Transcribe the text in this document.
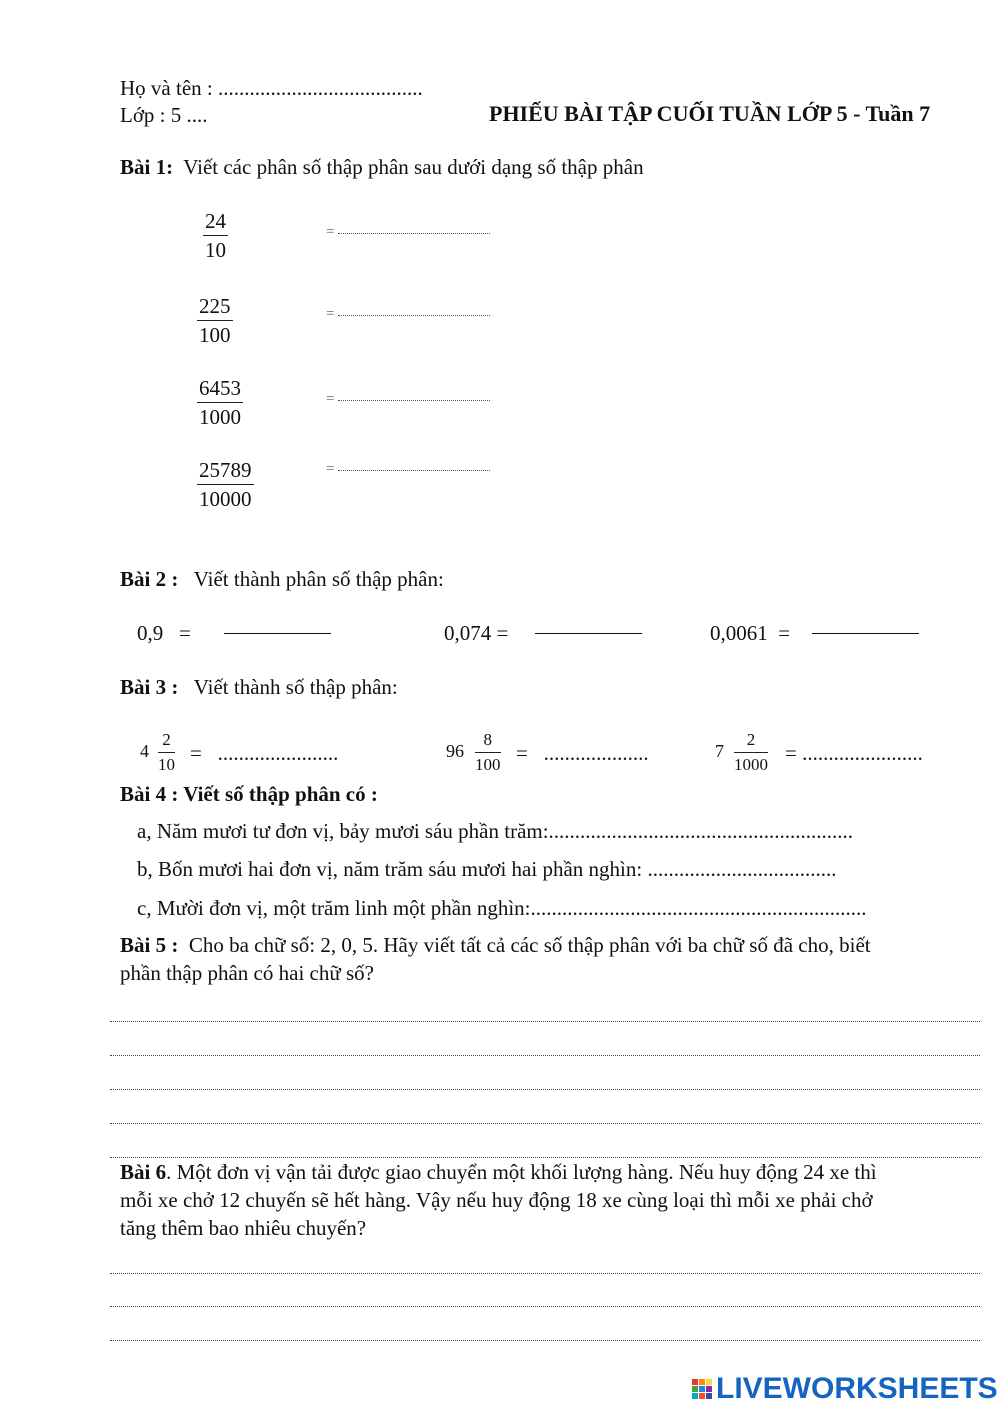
Họ và tên : .......................................
Lớp : 5 ....	PHIẾU BÀI TẬP CUỐI TUẦN LỚP 5 - Tuần 7
Bài 1: Viết các phân số thập phân sau dưới dạng số thập phân
$\frac{24}{10}$	=
$\frac{225}{100}$	=
$\frac{6453}{1000}$	=
$\frac{25789}{10000}$	=
Bài 2 : Viết thành phân số thập phân:
0,9   =	0,074 =	0,0061  =
Bài 3 : Viết thành số thập phân:
$4 \frac{2}{10}$ =   .......................	$96 \frac{8}{100}$ =   ....................	$7 \frac{2}{1000}$ = .......................
Bài 4 : Viết số thập phân có :
a, Năm mươi tư đơn vị, bảy mươi sáu phần trăm:..........................................................
b, Bốn mươi hai đơn vị, năm trăm sáu mươi hai phần nghìn: ....................................
c, Mười đơn vị, một trăm linh một phần nghìn:................................................................
Bài 5 : Cho ba chữ số: 2, 0, 5. Hãy viết tất cả các số thập phân với ba chữ số đã cho, biết
phần thập phân có hai chữ số?
Bài 6. Một đơn vị vận tải được giao chuyển một khối lượng hàng. Nếu huy động 24 xe thì
mỗi xe chở 12 chuyến sẽ hết hàng. Vậy nếu huy động 18 xe cùng loại thì mỗi xe phải chở
tăng thêm bao nhiêu chuyến?
LIVEWORKSHEETS
